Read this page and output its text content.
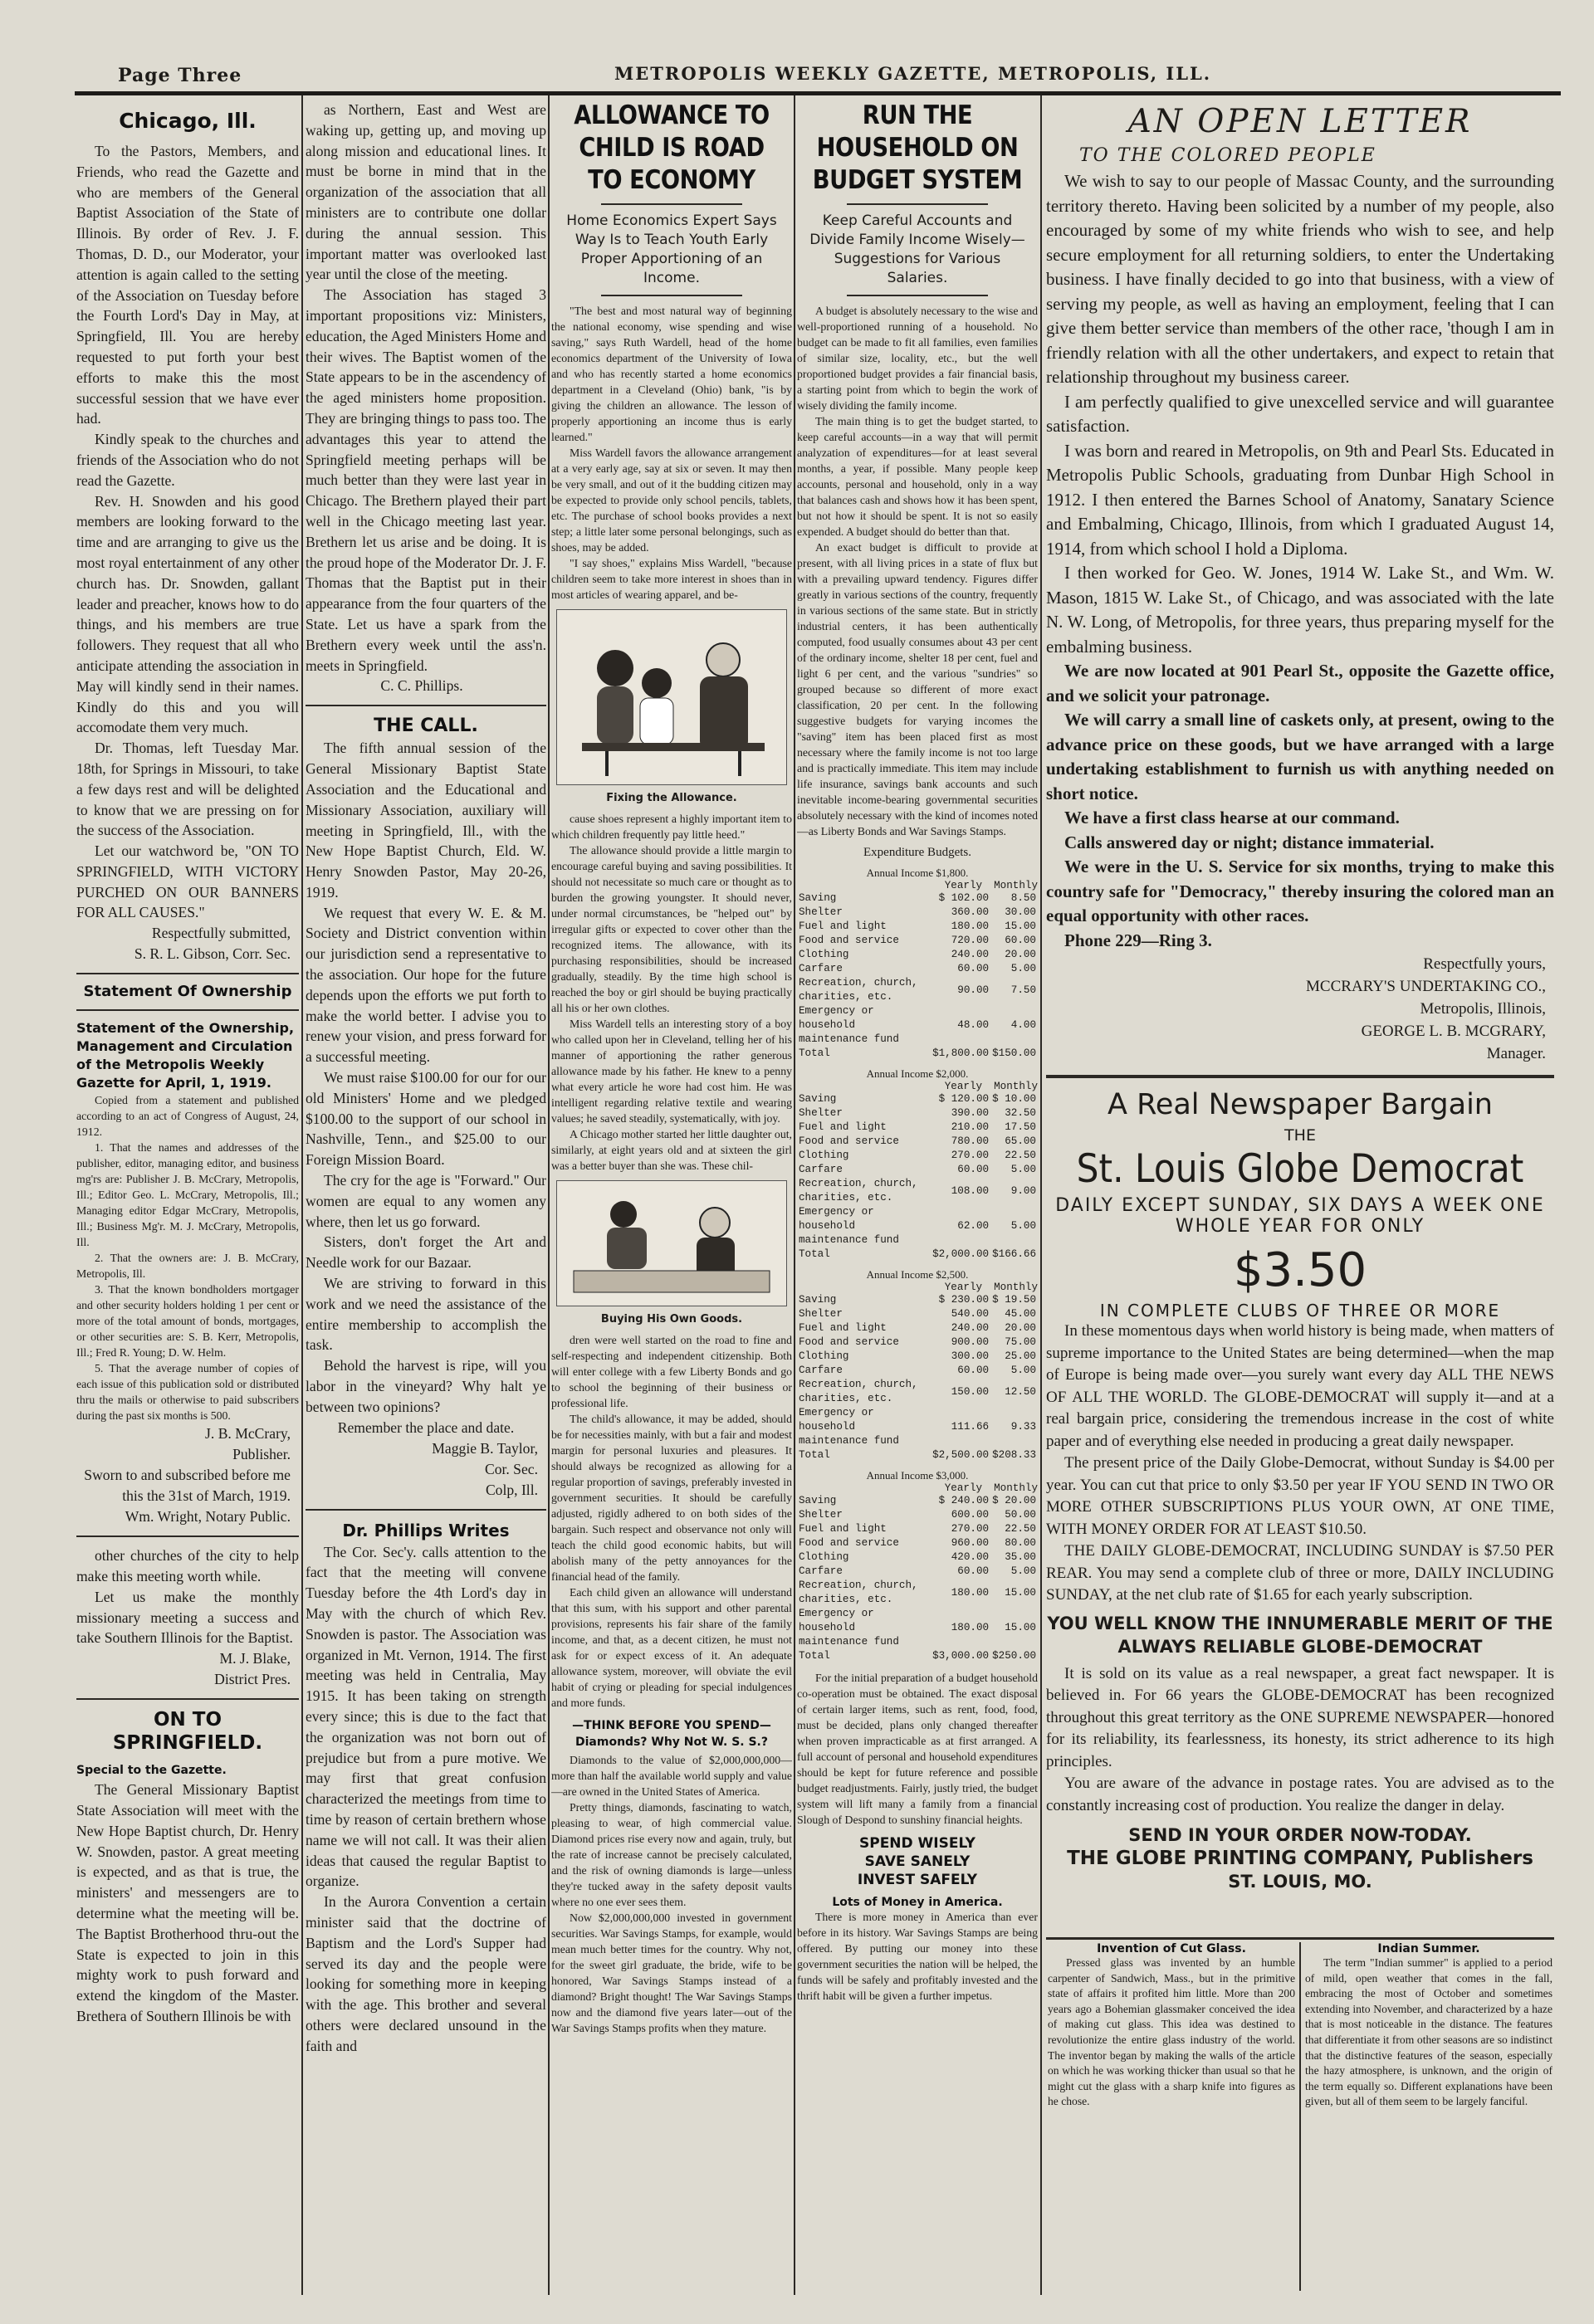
Page Three	METROPOLIS WEEKLY GAZETTE, METROPOLIS, ILL.
Chicago, Ill.

To the Pastors, Members, and Friends, who read the Gazette and who are members of the General Baptist Association of the State of Illinois. By order of Rev. J. F. Thomas, D. D., our Moderator, your attention is again called to the setting of the Association on Tuesday before the Fourth Lord's Day in May, at Springfield, Ill. You are hereby requested to put forth your best efforts to make this the most successful session that we have ever had.

Kindly speak to the churches and friends of the Association who do not read the Gazette.

Rev. H. Snowden and his good members are looking forward to the time and are arranging to give us the most royal entertainment of any other church has. Dr. Snowden, gallant leader and preacher, knows how to do things, and his members are true followers. They request that all who anticipate attending the association in May will kindly send in their names. Kindly do this and you will accomodate them very much.

Dr. Thomas, left Tuesday Mar. 18th, for Springs in Missouri, to take a few days rest and will be delighted to know that we are pressing on for the success of the Association.

Let our watchword be, "ON TO SPRINGFIELD, WITH VICTORY PURCHED ON OUR BANNERS FOR ALL CAUSES."

Respectfully submitted,
S. R. L. Gibson, Corr. Sec.
Statement Of Ownership
Statement of the Ownership, Management and Circulation of the Metropolis Weekly Gazette for April, 1, 1919.

Copied from a statement and published according to an act of Congress of August, 24, 1912.

1. That the names and addresses of the publisher, editor, managing editor, and business mg'rs are: Publisher J. B. McCrary, Metropolis, Ill.; Editor Geo. L. McCrary, Metropolis, Ill.; Managing editor Edgar McCrary, Metropolis, Ill.; Business Mg'r. M. J. McCrary, Metropolis, Ill.

2. That the owners are: J. B. McCrary, Metropolis, Ill.

3. That the known bondholders mortgager and other security holders holding 1 per cent or more of the total amount of bonds, mortgages, or other securities are: S. B. Kerr, Metropolis, Ill.; Fred R. Young; D. W. Helm.

5. That the average number of copies of each issue of this publication sold or distributed thru the mails or otherwise to paid subscribers during the past six months is 500.

J. B. McCrary,
Publisher.
Sworn to and subscribed before me this the 31st of March, 1919.
Wm. Wright, Notary Public.

other churches of the city to help make this meeting worth while.

Let us make the monthly missionary meeting a success and take Southern Illinois for the Baptist.

M. J. Blake,
District Pres.
ON TO SPRINGFIELD.
Special to the Gazette.

The General Missionary Baptist State Association will meet with the New Hope Baptist church, Dr. Henry W. Snowden, pastor. A great meeting is expected, and as that is true, the ministers' and messengers are to determine what the meeting will be. The Baptist Brotherhood thru-out the State is expected to join in this mighty work to push forward and extend the kingdom of the Master. Brethera of Southern Illinois be with

as Northern, East and West are waking up, getting up, and moving up along mission and educational lines. It must be borne in mind that in the organization of the association that all ministers are to contribute one dollar during the annual session. This important matter was overlooked last year until the close of the meeting.

The Association has staged 3 important propositions viz: Ministers, education, the Aged Ministers Home and their wives. The Baptist women of the State appears to be in the ascendency of the aged ministers home proposition. They are bringing things to pass too. The advantages this year to attend the Springfield meeting perhaps will be much better than they were last year in Chicago. The Brethern played their part well in the Chicago meeting last year. Brethern let us arise and be doing. It is the proud hope of the Moderator Dr. J. F. Thomas that the Baptist put in their appearance from the four quarters of the State. Let us have a spark from the Brethern every week until the ass'n. meets in Springfield.

C. C. Phillips.
THE CALL.

The fifth annual session of the General Missionary Baptist State Association and the Educational and Missionary Association, auxiliary will meeting in Springfield, Ill., with the New Hope Baptist Church, Eld. W. Henry Snowden Pastor, May 20-26, 1919.

We request that every W. E. & M. Society and District convention within our jurisdiction send a representative to the association. Our hope for the future depends upon the efforts we put forth to make the world better. I advise you to renew your vision, and press forward for a successful meeting.

We must raise $100.00 for our for our old Ministers' Home and we pledged $100.00 to the support of our school in Nashville, Tenn., and $25.00 to our Foreign Mission Board.

The cry for the age is "Forward." Our women are equal to any women any where, then let us go forward.

Sisters, don't forget the Art and Needle work for our Bazaar.

We are striving to forward in this work and we need the assistance of the entire membership to accomplish the task.

Behold the harvest is ripe, will you labor in the vineyard? Why halt ye between two opinions?

Remember the place and date.
Maggie B. Taylor,
Cor. Sec.
Colp, Ill.
Dr. Phillips Writes

The Cor. Sec'y. calls attention to the fact that the meeting will convene Tuesday before the 4th Lord's day in May with the church of which Rev. Snowden is pastor. The Association was organized in Mt. Vernon, 1914. The first meeting was held in Centralia, May 1915. It has been taking on strength every since; this is due to the fact that the organization was not born out of prejudice but from a pure motive. We may first that great confusion characterized the meetings from time to time by reason of certain brethern whose name we will not call. It was their alien ideas that caused the regular Baptist to organize.

In the Aurora Convention a certain minister said that the doctrine of Baptism and the Lord's Supper had served its day and the people were looking for something more in keeping with the age. This brother and several others were declared unsound in the faith and

ALLOWANCE TO CHILD IS ROAD TO ECONOMY
Home Economics Expert Says Way Is to Teach Youth Early Proper Apportioning of an Income.

"The best and most natural way of beginning the national economy, wise spending and wise saving," says Ruth Wardell, head of the home economics department of the University of Iowa and who has recently started a home economics department in a Cleveland (Ohio) bank, "is by giving the children an allowance. The lesson of properly apportioning an income thus is early learned."

Miss Wardell favors the allowance arrangement at a very early age, say at six or seven. It may then be very small, and out of it the budding citizen may be expected to provide only school pencils, tablets, etc. The purchase of school books provides a next step; a little later some personal belongings, such as shoes, may be added.

"I say shoes," explains Miss Wardell, "because children seem to take more interest in shoes than in most articles of wearing apparel, and be-

Fixing the Allowance.

cause shoes represent a highly important item to which children frequently pay little heed."

The allowance should provide a little margin to encourage careful buying and saving possibilities. It should not necessitate so much care or thought as to burden the growing youngster. It should never, under normal circumstances, be "helped out" by irregular gifts or expected to cover other than the recognized items. The allowance, with its purchasing responsibilities, should be increased gradually, steadily. By the time high school is reached the boy or girl should be buying practically all his or her own clothes.

Miss Wardell tells an interesting story of a boy who called upon her in Cleveland, telling her of his manner of apportioning the rather generous allowance made by his father. He knew to a penny what every article he wore had cost him. He was intelligent regarding relative textile and wearing values; he saved steadily, systematically, with joy.

A Chicago mother started her little daughter out, similarly, at eight years old and at sixteen the girl was a better buyer than she was. These chil-

Buying His Own Goods.

dren were well started on the road to fine and self-respecting and independent citizenship. Both will enter college with a few Liberty Bonds and go to school the beginning of their business or professional life.

The child's allowance, it may be added, should be for necessities mainly, with but a fair and modest margin for personal luxuries and pleasures. It should always be recognized as allowing for a regular proportion of savings, preferably invested in government securities. It should be carefully adjusted, rigidly adhered to on both sides of the bargain. Such respect and observance not only will teach the child good economic habits, but will abolish many of the petty annoyances for the financial head of the family.

Each child given an allowance will understand that this sum, with his support and other parental provisions, represents his fair share of the family income, and that, as a decent citizen, he must not ask for or expect excess of it. An adequate allowance system, moreover, will obviate the evil habit of crying or pleading for special indulgences and more funds.

—THINK BEFORE YOU SPEND—
Diamonds? Why Not W. S. S.?

Diamonds to the value of $2,000,000,000—more than half the available world supply and value—are owned in the United States of America.

Pretty things, diamonds, fascinating to watch, pleasing to wear, of high commercial value. Diamond prices rise every now and again, truly, but the rate of increase cannot be precisely calculated, and the risk of owning diamonds is large—unless they're tucked away in the safety deposit vaults where no one ever sees them.

Now $2,000,000,000 invested in government securities. War Savings Stamps, for example, would mean much better times for the country. Why not, for the sweet girl graduate, the bride, wife to be honored, War Savings Stamps instead of a diamond? Bright thought! The War Savings Stamps now and the diamond five years later—out of the War Savings Stamps profits when they mature.

RUN THE HOUSEHOLD ON BUDGET SYSTEM
Keep Careful Accounts and Divide Family Income Wisely—Suggestions for Various Salaries.

A budget is absolutely necessary to the wise and well-proportioned running of a household. No budget can be made to fit all families, even families of similar size, locality, etc., but the well proportioned budget provides a fair financial basis, a starting point from which to begin the work of wisely dividing the family income.

The main thing is to get the budget started, to keep careful accounts—in a way that will permit analyzation of expenditures—for at least several months, a year, if possible. Many people keep accounts, personal and household, only in a way that balances cash and shows how it has been spent, but not how it should be spent. It is not so easily expended. A budget should do better than that.

An exact budget is difficult to provide at present, with all living prices in a state of flux but with a prevailing upward tendency. Figures differ greatly in various sections of the country, frequently in various sections of the same state. But in strictly industrial centers, it has been authentically computed, food usually consumes about 43 per cent of the ordinary income, shelter 18 per cent, fuel and light 6 per cent, and the various "sundries" so grouped because so different of more exact classification, 20 per cent. In the following suggestive budgets for varying incomes the "saving" item has been placed first as most necessary where the family income is not too large and is practically immediate. This item may include life insurance, savings bank accounts and such inevitable income-bearing governmental securities absolutely necessary with the kind of incomes noted—as Liberty Bonds and War Savings Stamps.

Expenditure Budgets.
Annual Income $1,800.
Yearly Monthly
Saving	$ 102.00	8.50
Shelter	360.00	30.00
Fuel and light	180.00	15.00
Food and service	720.00	60.00
Clothing	240.00	20.00
Carfare	60.00	5.00
Recreation, church, charities, etc.	90.00	7.50
Emergency or household maintenance fund	48.00	4.00
Total	$1,800.00	$150.00
Annual Income $2,000.
Yearly Monthly
Saving	$ 120.00	$ 10.00
Shelter	390.00	32.50
Fuel and light	210.00	17.50
Food and service	780.00	65.00
Clothing	270.00	22.50
Carfare	60.00	5.00
Recreation, church, charities, etc.	108.00	9.00
Emergency or household maintenance fund	62.00	5.00
Total	$2,000.00	$166.66
Annual Income $2,500.
Yearly Monthly
Saving	$ 230.00	$ 19.50
Shelter	540.00	45.00
Fuel and light	240.00	20.00
Food and service	900.00	75.00
Clothing	300.00	25.00
Carfare	60.00	5.00
Recreation, church, charities, etc.	150.00	12.50
Emergency or household maintenance fund	111.66	9.33
Total	$2,500.00	$208.33
Annual Income $3,000.
Yearly Monthly
Saving	$ 240.00	$ 20.00
Shelter	600.00	50.00
Fuel and light	270.00	22.50
Food and service	960.00	80.00
Clothing	420.00	35.00
Carfare	60.00	5.00
Recreation, church, charities, etc.	180.00	15.00
Emergency or household maintenance fund	180.00	15.00
Total	$3,000.00	$250.00

For the initial preparation of a budget household co-operation must be obtained. The exact disposal of certain larger items, such as rent, food, food, must be decided, plans only changed thereafter when proven impracticable as at first arranged. A full account of personal and household expenditures should be kept for future reference and possible budget readjustments. Fairly, justly tried, the budget system will lift many a family from a financial Slough of Despond to sunshiny financial heights.

SPEND WISELY
SAVE SANELY
INVEST SAFELY
Lots of Money in America.

There is more money in America than ever before in its history. War Savings Stamps are being offered. By putting our money into these government securities the nation will be helped, the funds will be safely and profitably invested and the thrift habit will be given a further impetus.

AN OPEN LETTER
TO THE COLORED PEOPLE

We wish to say to our people of Massac County, and the surrounding territory thereto. Having been solicited by a number of my people, also encouraged by some of my white friends who wish to see, and help secure employment for all returning soldiers, to enter the Undertaking business. I have finally decided to go into that business, with a view of serving my people, as well as having an employment, feeling that I can give them better service than members of the other race, 'though I am in friendly relation with all the other undertakers, and expect to retain that relationship throughout my business career.

I am perfectly qualified to give unexcelled service and will guarantee satisfaction.

I was born and reared in Metropolis, on 9th and Pearl Sts. Educated in Metropolis Public Schools, graduating from Dunbar High School in 1912. I then entered the Barnes School of Anatomy, Sanatary Science and Embalming, Chicago, Illinois, from which I graduated August 14, 1914, from which school I hold a Diploma.

I then worked for Geo. W. Jones, 1914 W. Lake St., and Wm. W. Mason, 1815 W. Lake St., of Chicago, and was associated with the late N. W. Long, of Metropolis, for three years, thus preparing myself for the embalming business.

We are now located at 901 Pearl St., opposite the Gazette office, and we solicit your patronage.

We will carry a small line of caskets only, at present, owing to the advance price on these goods, but we have arranged with a large undertaking establishment to furnish us with anything needed on short notice.

We have a first class hearse at our command.

Calls answered day or night; distance immaterial.

We were in the U. S. Service for six months, trying to make this country safe for "Democracy," thereby insuring the colored man an equal opportunity with other races.

Phone 229—Ring 3.

Respectfully yours,
MCCRARY'S UNDERTAKING CO.,
Metropolis, Illinois,
GEORGE L. B. MCGRARY,
Manager.
A Real Newspaper Bargain
THE
St. Louis Globe Democrat
DAILY EXCEPT SUNDAY, SIX DAYS A WEEK ONE WHOLE YEAR FOR ONLY
$3.50
IN COMPLETE CLUBS OF THREE OR MORE

In these momentous days when world history is being made, when matters of supreme importance to the United States are being determined—when the map of Europe is being made over—you surely want every day ALL THE NEWS OF ALL THE WORLD. The GLOBE-DEMOCRAT will supply it—and at a real bargain price, considering the tremendous increase in the cost of white paper and of everything else needed in producing a great daily newspaper.

The present price of the Daily Globe-Democrat, without Sunday is $4.00 per year. You can cut that price to only $3.50 per year IF YOU SEND IN TWO OR MORE OTHER SUBSCRIPTIONS PLUS YOUR OWN, AT ONE TIME, WITH MONEY ORDER FOR AT LEAST $10.50.

THE DAILY GLOBE-DEMOCRAT, INCLUDING SUNDAY is $7.50 PER REAR. You may send a complete club of three or more, DAILY INCLUDING SUNDAY, at the net club rate of $1.65 for each yearly subscription.

YOU WELL KNOW THE INNUMERABLE MERIT OF THE ALWAYS RELIABLE GLOBE-DEMOCRAT

It is sold on its value as a real newspaper, a great fact newspaper. It is believed in. For 66 years the GLOBE-DEMOCRAT has been recognized throughout this great territory as the ONE SUPREME NEWSPAPER—honored for its reliability, its fearlessness, its honesty, its strict adherence to its high principles.

You are aware of the advance in postage rates. You are advised as to the constantly increasing cost of production. You realize the danger in delay.

SEND IN YOUR ORDER NOW-TODAY.
THE GLOBE PRINTING COMPANY, Publishers
ST. LOUIS, MO.
Invention of Cut Glass.

Pressed glass was invented by an humble carpenter of Sandwich, Mass., but in the primitive state of affairs it profited him little. More than 200 years ago a Bohemian glassmaker conceived the idea of making cut glass. This idea was destined to revolutionize the entire glass industry of the world. The inventor began by making the walls of the article on which he was working thicker than usual so that he might cut the glass with a sharp knife into figures as he chose.

Indian Summer.

The term "Indian summer" is applied to a period of mild, open weather that comes in the fall, embracing the most of October and sometimes extending into November, and characterized by a haze that is most noticeable in the distance. The features that differentiate it from other seasons are so indistinct that the distinctive features of the season, especially the hazy atmosphere, is unknown, and the origin of the term equally so. Different explanations have been given, but all of them seem to be largely fanciful.
